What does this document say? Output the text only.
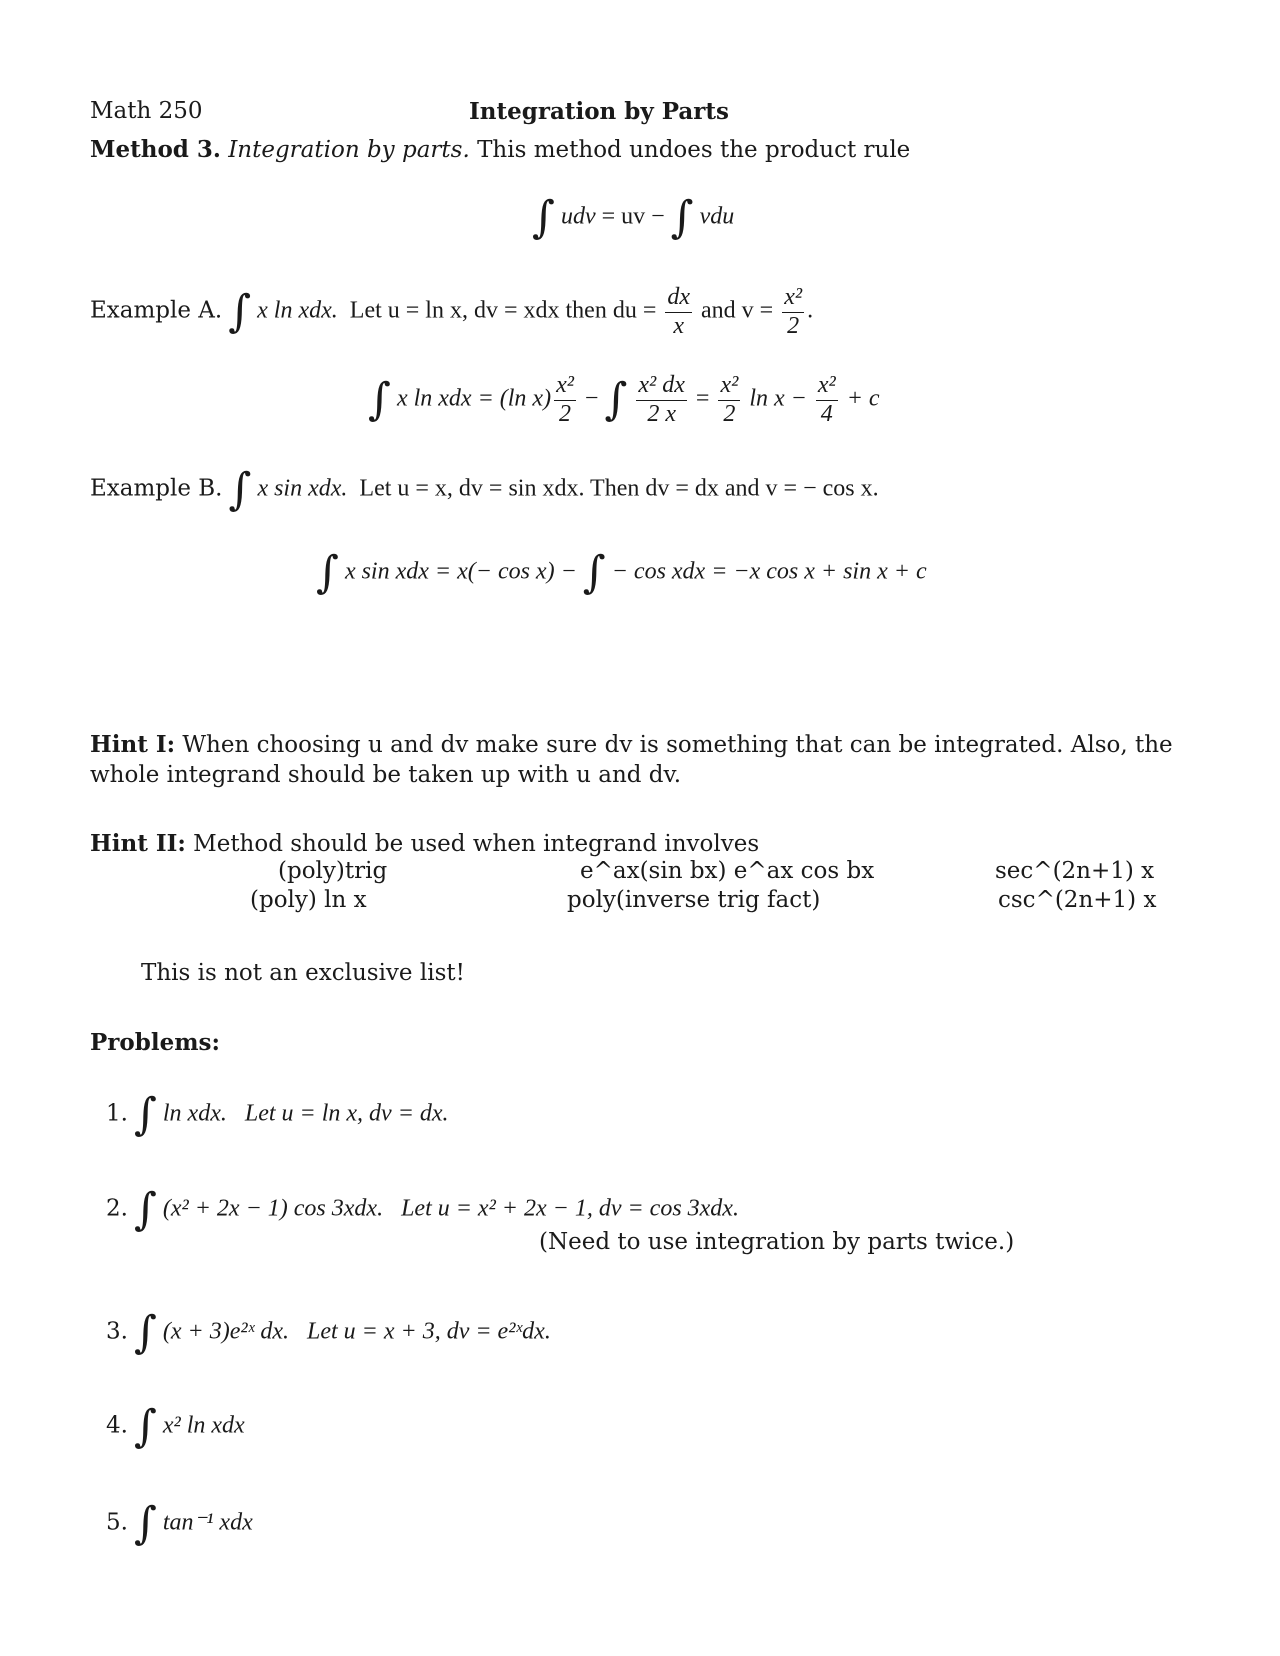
Math 250	Integration by Parts
Method 3. Integration by parts. This method undoes the product rule
∫ udv = uv − ∫ vdu
Example A. ∫ x ln xdx. Let u = ln x, dv = xdx then du = $\frac{dx}{x}$ and $v = \frac{\text{x²}}{2}$ .
∫ x ln xdx = (ln $x) \frac{\text{x²}}{2}$ − ∫ $\frac{\text{x² dx}}{2 x} = \frac{\text{x²}}{2}$ $\ln x - \frac{\text{x²}}{4} + c$
Example B. ∫ x sin xdx. Let u = x, dv = sin xdx. Then dv = dx and v = − cos x.
∫ x sin xdx = x(− cos x) − ∫ − cos xdx = −x cos x + sin x + c
Hint I: When choosing u and dv make sure dv is something that can be integrated. Also, the whole integrand should be taken up with u and dv.
Hint II: Method should be used when integrand involves
(poly)trig
(poly) ln x
e^ax(sin bx) e^ax cos bx
poly(inverse trig fact)
sec^(2n+1) x
csc^(2n+1) x
This is not an exclusive list!
Problems:
1. ∫ ln xdx. Let u = ln x, dv = dx.
2. ∫ (x² + 2x − 1) cos 3xdx. Let u = x² + 2x − 1, dv = cos 3xdx.
(Need to use integration by parts twice.)
3. ∫ (x + 3)e²ˣ dx. Let u = x + 3, dv = e²ˣdx.
4. ∫ x² ln xdx
5. ∫ tan⁻¹ xdx
